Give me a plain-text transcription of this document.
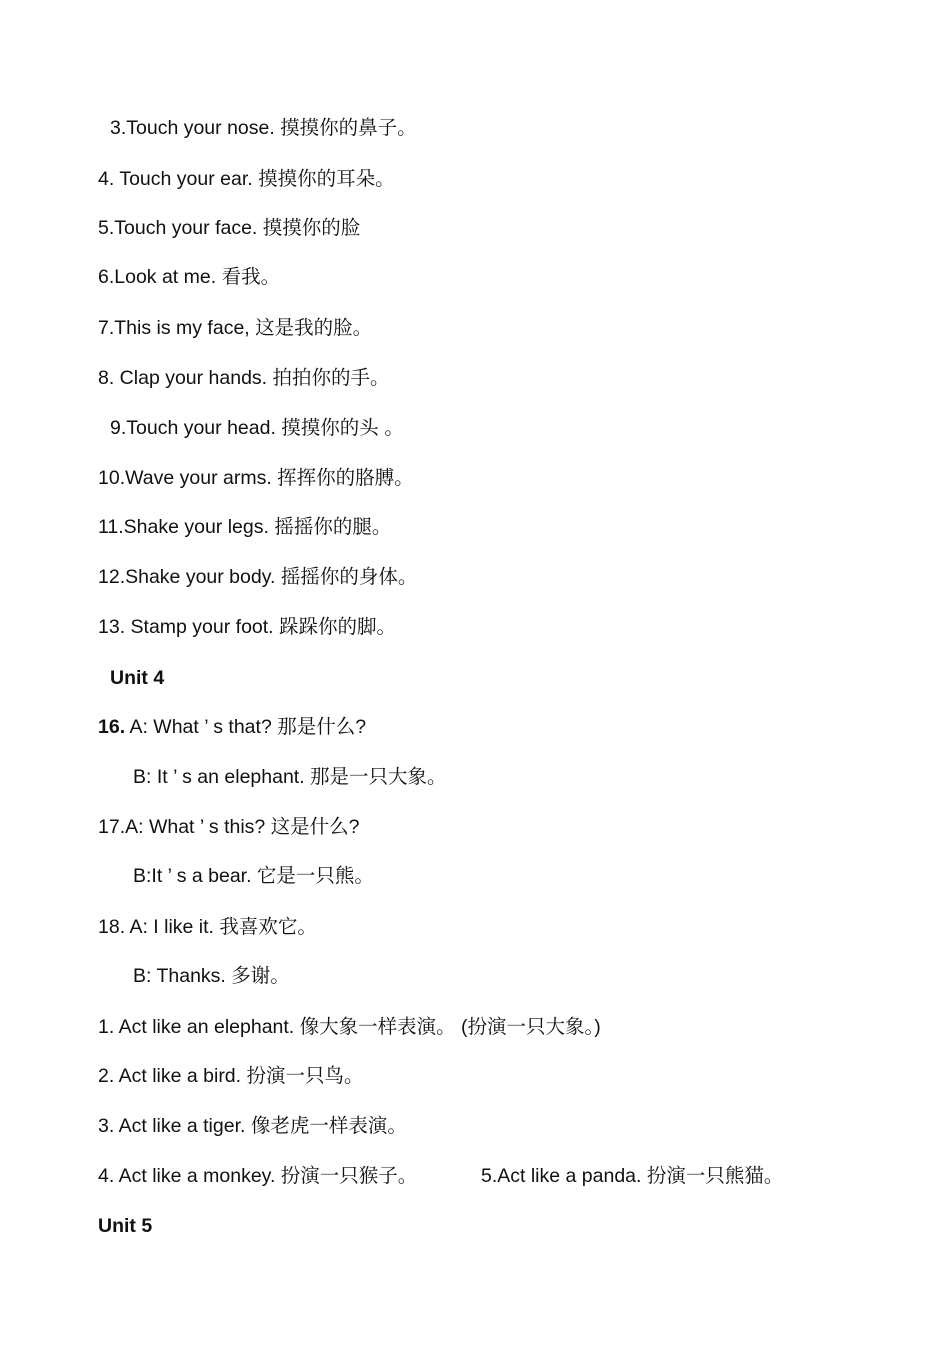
3.Touch your nose. 摸摸你的鼻子。
4. Touch your ear. 摸摸你的耳朵。
5.Touch your face. 摸摸你的脸
6.Look at me. 看我。
7.This is my face, 这是我的脸。
8. Clap your hands. 拍拍你的手。
9.Touch your head. 摸摸你的头 。
10.Wave your arms. 挥挥你的胳膊。
11.Shake your legs. 摇摇你的腿。
12.Shake your body. 摇摇你的身体。
13. Stamp your foot. 跺跺你的脚。
Unit 4
16. A: What ’ s that? 那是什么?
B: It ’ s an elephant. 那是一只大象。
17.A: What ’ s this? 这是什么?
B:It ’ s a bear. 它是一只熊。
18. A: I like it. 我喜欢它。
B: Thanks. 多谢。
1. Act like an elephant. 像大象一样表演。 (扮演一只大象。)
2. Act like a bird. 扮演一只鸟。
3. Act like a tiger. 像老虎一样表演。
4. Act like a monkey. 扮演一只猴子。	5.Act like a panda. 扮演一只熊猫。
Unit 5
